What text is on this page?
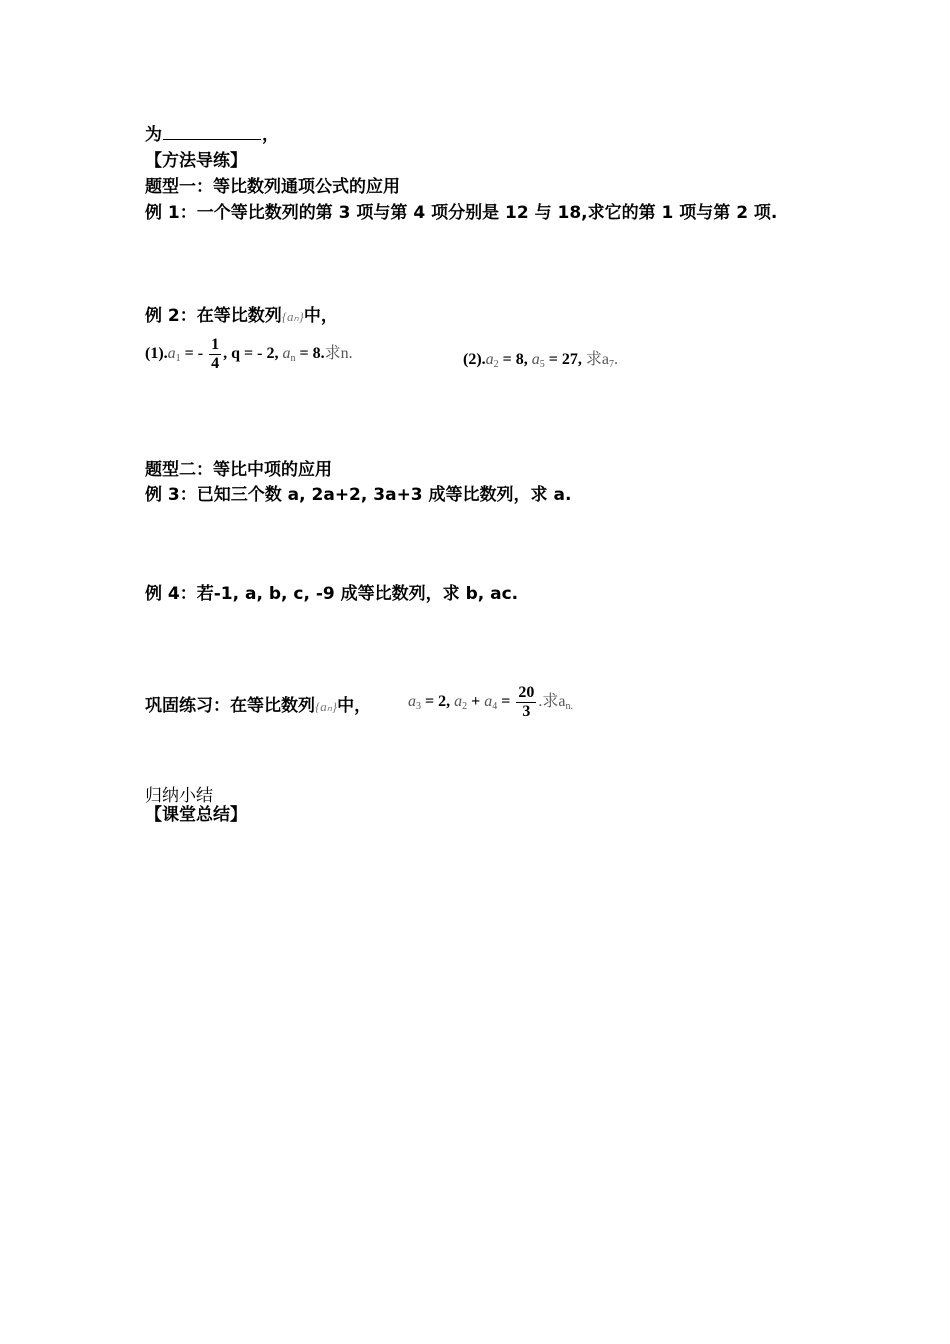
为	，
【方法导练】
题型一：等比数列通项公式的应用
例 1：一个等比数列的第 3 项与第 4 项分别是 12 与 18,求它的第 1 项与第 2 项.
例 2：在等比数列{aₙ}中，
$(1).a_1$ = - $\frac{1}{4}$ , q = - 2, $a_n = 8$.求n.	$(2).a_2 = 8$, $a_5 = 27$, 求$a_7$.
题型二：等比中项的应用
例 3：已知三个数 a, 2a+2, 3a+3 成等比数列，求 a.
例 4：若-1, a, b, c, -9 成等比数列，求 b, ac.
巩固练习：在等比数列{aₙ}中， $a_3 = 2$, $a_2 + a_4 = \frac{20}{3}$ .求$a_{n.}$
归纳小结
【课堂总结】
